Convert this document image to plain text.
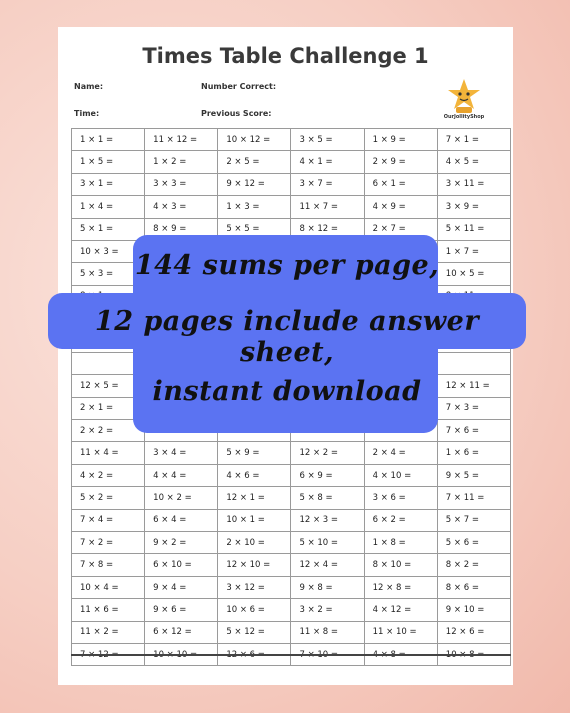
Times Table Challenge 1
Name:	Number Correct:
Time:	Previous Score:	OurJollityShop
1 × 1 =	11 × 12 =	10 × 12 =	3 × 5 =	1 × 9 =	7 × 1 =
1 × 5 =	1 × 2 =	2 × 5 =	4 × 1 =	2 × 9 =	4 × 5 =
3 × 1 =	3 × 3 =	9 × 12 =	3 × 7 =	6 × 1 =	3 × 11 =
1 × 4 =	4 × 3 =	1 × 3 =	11 × 7 =	4 × 9 =	3 × 9 =
5 × 1 =	8 × 9 =	5 × 5 =	8 × 12 =	2 × 7 =	5 × 11 =
10 × 3 =					1 × 7 =
5 × 3 =					10 × 5 =

12 × 5 =					12 × 11 =
2 × 1 =					7 × 3 =
2 × 2 =					7 × 6 =
11 × 4 =	3 × 4 =	5 × 9 =	12 × 2 =	2 × 4 =	1 × 6 =
4 × 2 =	4 × 4 =	4 × 6 =	6 × 9 =	4 × 10 =	9 × 5 =
5 × 2 =	10 × 2 =	12 × 1 =	5 × 8 =	3 × 6 =	7 × 11 =
7 × 4 =	6 × 4 =	10 × 1 =	12 × 3 =	6 × 2 =	5 × 7 =
7 × 2 =	9 × 2 =	2 × 10 =	5 × 10 =	1 × 8 =	5 × 6 =
7 × 8 =	6 × 10 =	12 × 10 =	12 × 4 =	8 × 10 =	8 × 2 =
10 × 4 =	9 × 4 =	3 × 12 =	9 × 8 =	12 × 8 =	8 × 6 =
11 × 6 =	9 × 6 =	10 × 6 =	3 × 2 =	4 × 12 =	9 × 10 =
11 × 2 =	6 × 12 =	5 × 12 =	11 × 8 =	11 × 10 =	12 × 6 =

144 sums per page,
12 pages include answer sheet,
instant download
